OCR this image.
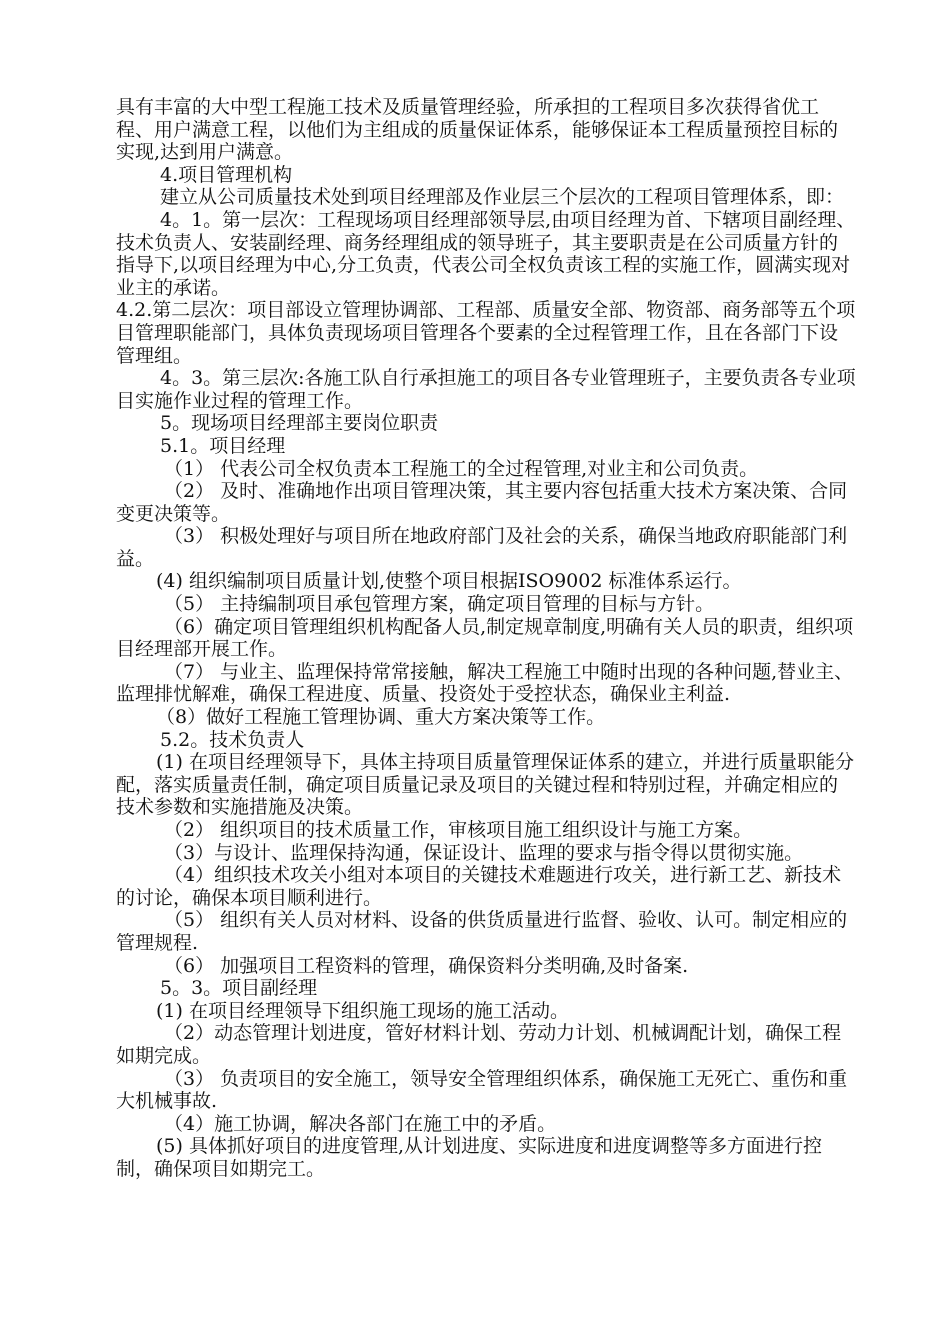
具有丰富的大中型工程施工技术及质量管理经验，所承担的工程项目多次获得省优工程、用户满意工程，以他们为主组成的质量保证体系，能够保证本工程质量预控目标的实现,达到用户满意。

4.项目管理机构

建立从公司质量技术处到项目经理部及作业层三个层次的工程项目管理体系，即：

4。1。第一层次：工程现场项目经理部领导层,由项目经理为首、下辖项目副经理、技术负责人、安装副经理、商务经理组成的领导班子，其主要职责是在公司质量方针的指导下,以项目经理为中心,分工负责，代表公司全权负责该工程的实施工作，圆满实现对业主的承诺。

4.2.第二层次：项目部设立管理协调部、工程部、质量安全部、物资部、商务部等五个项目管理职能部门，具体负责现场项目管理各个要素的全过程管理工作，且在各部门下设管理组。

4。3。第三层次:各施工队自行承担施工的项目各专业管理班子，主要负责各专业项目实施作业过程的管理工作。

5。现场项目经理部主要岗位职责

5.1。项目经理

（1） 代表公司全权负责本工程施工的全过程管理,对业主和公司负责。

（2） 及时、准确地作出项目管理决策，其主要内容包括重大技术方案决策、合同变更决策等。

（3） 积极处理好与项目所在地政府部门及社会的关系，确保当地政府职能部门利益。

(4) 组织编制项目质量计划,使整个项目根据ISO9002 标准体系运行。

（5） 主持编制项目承包管理方案，确定项目管理的目标与方针。

（6）确定项目管理组织机构配备人员,制定规章制度,明确有关人员的职责，组织项目经理部开展工作。

（7） 与业主、监理保持常常接触，解决工程施工中随时出现的各种问题,替业主、监理排忧解难，确保工程进度、质量、投资处于受控状态，确保业主利益.

（8）做好工程施工管理协调、重大方案决策等工作。

5.2。技术负责人

(1) 在项目经理领导下，具体主持项目质量管理保证体系的建立，并进行质量职能分配，落实质量责任制，确定项目质量记录及项目的关键过程和特别过程，并确定相应的技术参数和实施措施及决策。

（2） 组织项目的技术质量工作，审核项目施工组织设计与施工方案。

（3）与设计、监理保持沟通，保证设计、监理的要求与指令得以贯彻实施。

（4）组织技术攻关小组对本项目的关键技术难题进行攻关，进行新工艺、新技术的讨论，确保本项目顺利进行。

（5） 组织有关人员对材料、设备的供货质量进行监督、验收、认可。制定相应的管理规程.

（6） 加强项目工程资料的管理，确保资料分类明确,及时备案.

5。3。项目副经理

(1) 在项目经理领导下组织施工现场的施工活动。

（2）动态管理计划进度，管好材料计划、劳动力计划、机械调配计划，确保工程如期完成。

（3） 负责项目的安全施工，领导安全管理组织体系，确保施工无死亡、重伤和重大机械事故.

（4）施工协调，解决各部门在施工中的矛盾。

(5) 具体抓好项目的进度管理,从计划进度、实际进度和进度调整等多方面进行控制，确保项目如期完工。
